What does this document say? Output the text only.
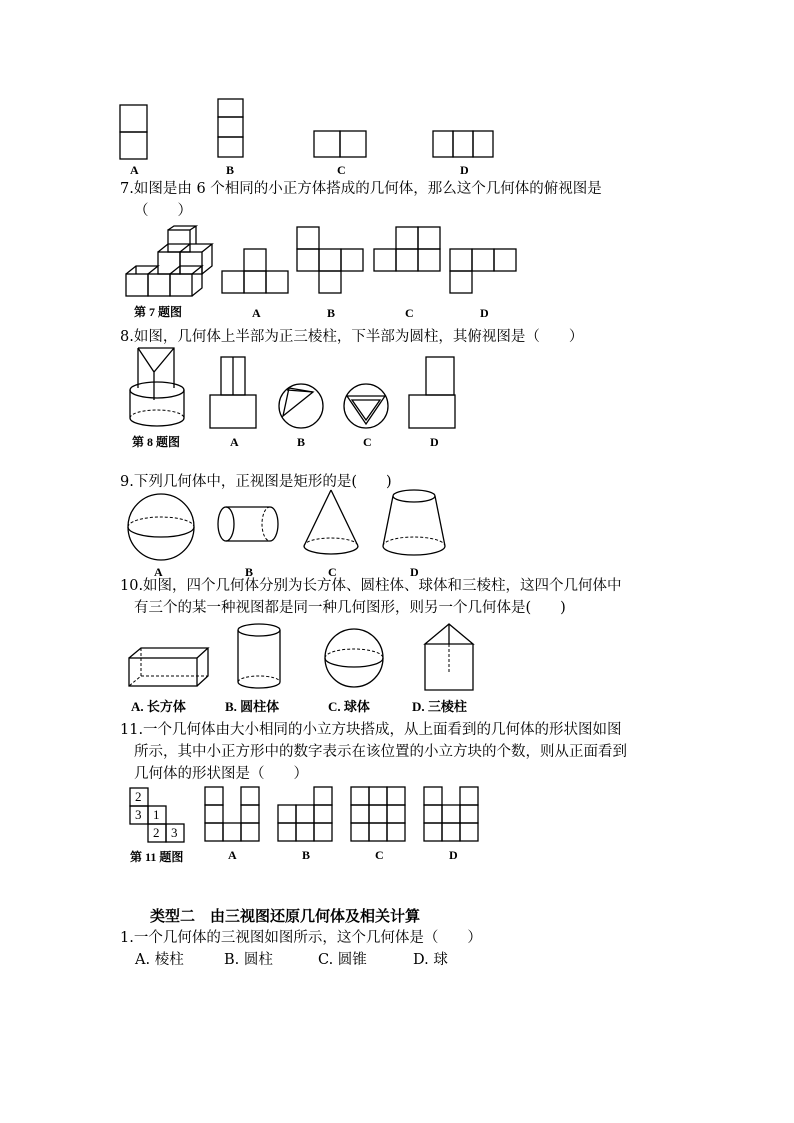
A	B	C	D
7.如图是由 6 个相同的小正方体搭成的几何体，那么这个几何体的俯视图是
（　　）
第 7 题图	A	B	C	D
8.如图，几何体上半部为正三棱柱，下半部为圆柱，其俯视图是（　　）
第 8 题图	A	B	C	D
9.下列几何体中，正视图是矩形的是(　　)
A	B	C	D
10.如图，四个几何体分别为长方体、圆柱体、球体和三棱柱，这四个几何体中
有三个的某一种视图都是同一种几何图形，则另一个几何体是(　　)
A. 长方体	B. 圆柱体	C. 球体	D. 三棱柱
11.一个几何体由大小相同的小立方块搭成，从上面看到的几何体的形状图如图
所示，其中小正方形中的数字表示在该位置的小立方块的个数，则从正面看到
几何体的形状图是（　　）
2
3 1
2 3
第 11 题图	A	B	C	D
类型二　由三视图还原几何体及相关计算
1.一个几何体的三视图如图所示，这个几何体是（　　）
A. 棱柱	B. 圆柱	C. 圆锥	D. 球
